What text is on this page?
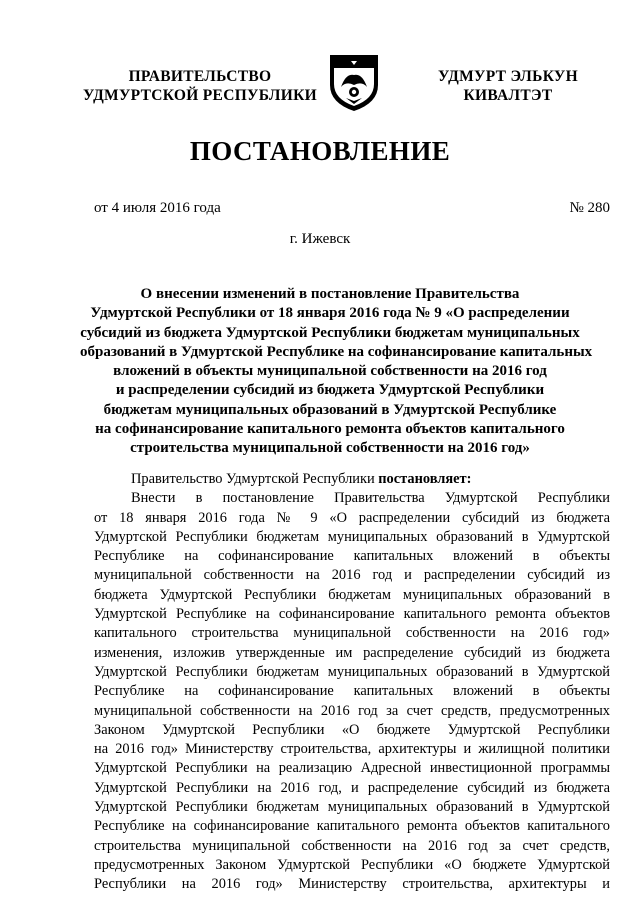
ПРАВИТЕЛЬСТВО
УДМУРТСКОЙ РЕСПУБЛИКИ
УДМУРТ ЭЛЬКУН
КИВАЛТЭТ
ПОСТАНОВЛЕНИЕ
от 4 июля 2016 года	№ 280
г. Ижевск
О внесении изменений в постановление Правительства
Удмуртской Республики от 18 января 2016 года № 9 «О распределении
субсидий из бюджета Удмуртской Республики бюджетам муниципальных
образований в Удмуртской Республике на софинансирование капитальных
вложений в объекты муниципальной собственности на 2016 год
и распределении субсидий из бюджета Удмуртской Республики
бюджетам муниципальных образований в Удмуртской Республике
на софинансирование капитального ремонта объектов капитального
строительства муниципальной собственности на 2016 год»
Правительство Удмуртской Республики постановляет:
Внести в постановление Правительства Удмуртской Республики
от 18 января 2016 года № 9 «О распределении субсидий из бюджета
Удмуртской Республики бюджетам муниципальных образований в Удмуртской
Республике на софинансирование капитальных вложений в объекты
муниципальной собственности на 2016 год и распределении субсидий из
бюджета Удмуртской Республики бюджетам муниципальных образований в
Удмуртской Республике на софинансирование капитального ремонта объектов
капитального строительства муниципальной собственности на 2016 год»
изменения, изложив утвержденные им распределение субсидий из бюджета
Удмуртской Республики бюджетам муниципальных образований в Удмуртской
Республике на софинансирование капитальных вложений в объекты
муниципальной собственности на 2016 год за счет средств, предусмотренных
Законом Удмуртской Республики «О бюджете Удмуртской Республики
на 2016 год» Министерству строительства, архитектуры и жилищной политики
Удмуртской Республики на реализацию Адресной инвестиционной программы
Удмуртской Республики на 2016 год, и распределение субсидий из бюджета
Удмуртской Республики бюджетам муниципальных образований в Удмуртской
Республике на софинансирование капитального ремонта объектов капитального
строительства муниципальной собственности на 2016 год за счет средств,
предусмотренных Законом Удмуртской Республики «О бюджете Удмуртской
Республики на 2016 год» Министерству строительства, архитектуры и
